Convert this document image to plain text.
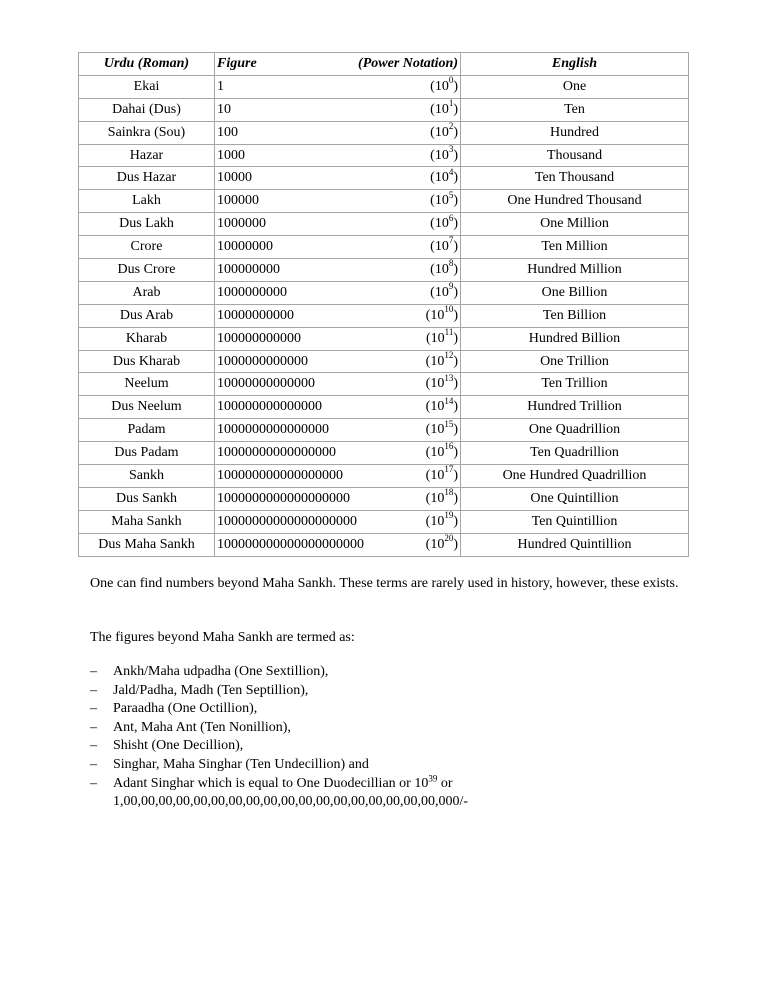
Urdu (Roman)	Figure (Power Notation)	English
Ekai	1 $(10^0)$	One
Dahai (Dus)	10 $(10^1)$	Ten
Sainkra (Sou)	100 $(10^2)$	Hundred
Hazar	1000 $(10^3)$	Thousand
Dus Hazar	10000 $(10^4)$	Ten Thousand
Lakh	100000 $(10^5)$	One Hundred Thousand
Dus Lakh	1000000 $(10^6)$	One Million
Crore	10000000 $(10^7)$	Ten Million
Dus Crore	100000000 $(10^8)$	Hundred Million
Arab	1000000000 $(10^9)$	One Billion
Dus Arab	10000000000 $(10^{10})$	Ten Billion
Kharab	100000000000 $(10^{11})$	Hundred Billion
Dus Kharab	1000000000000 $(10^{12})$	One Trillion
Neelum	10000000000000 $(10^{13})$	Ten Trillion
Dus Neelum	100000000000000 $(10^{14})$	Hundred Trillion
Padam	1000000000000000 $(10^{15})$	One Quadrillion
Dus Padam	10000000000000000 $(10^{16})$	Ten Quadrillion
Sankh	100000000000000000 $(10^{17})$	One Hundred Quadrillion
Dus Sankh	1000000000000000000 $(10^{18})$	One Quintillion
Maha Sankh	10000000000000000000 $(10^{19})$	Ten Quintillion
Dus Maha Sankh	100000000000000000000 $(10^{20})$	Hundred Quintillion

One can find numbers beyond Maha Sankh. These terms are rarely used in history, however, these exists.

The figures beyond Maha Sankh are termed as:

– Ankh/Maha udpadha (One Sextillion),
– Jald/Padha, Madh (Ten Septillion),
– Paraadha (One Octillion),
– Ant, Maha Ant (Ten Nonillion),
– Shisht (One Decillion),
– Singhar, Maha Singhar (Ten Undecillion) and
– Adant Singhar which is equal to One Duodecillian or $10^{39}$ or
1,00,00,00,00,00,00,00,00,00,00,00,00,00,00,00,00,00,00,000/-
